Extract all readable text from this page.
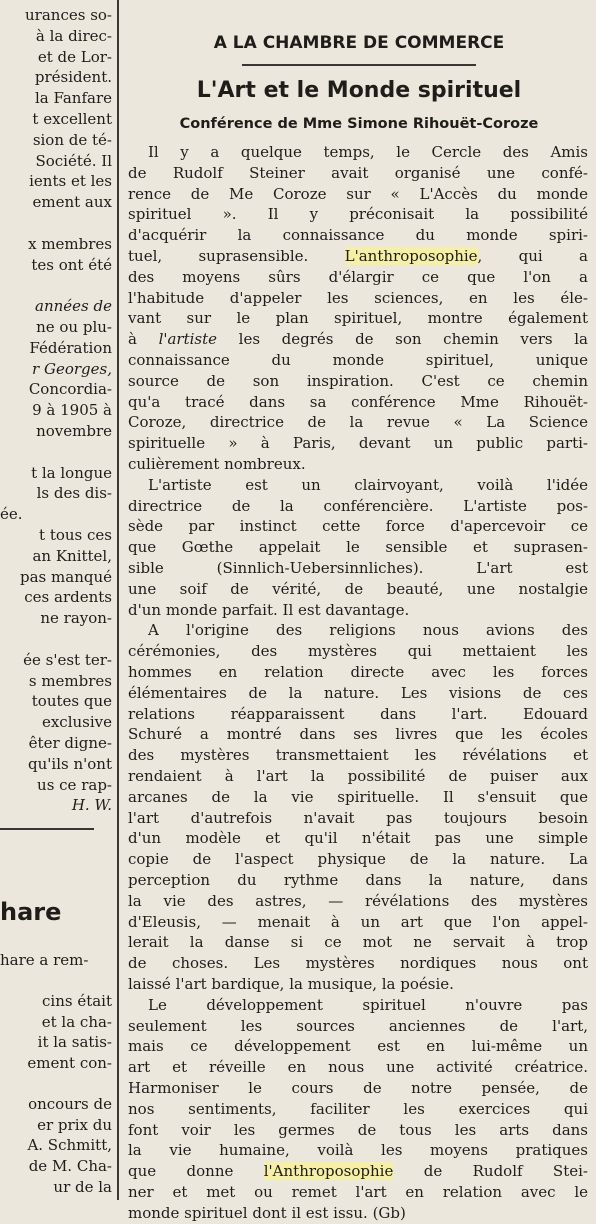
urances so-
à la direc-
et de Lor-
président.
la Fanfare
t excellent
sion de té-
Société. Il
ients et les
ement aux
x membres
tes ont été
années de
ne ou plu-
Fédération
r Georges,
Concordia-
9 à 1905 à
novembre
t la longue
ls des dis-
ée.
t tous ces
an Knittel,
pas manqué
ces ardents
ne rayon-
ée s'est ter-
s membres
toutes que
exclusive
êter digne-
qu'ils n'ont
us ce rap-
H. W.
hare
hare a rem-
cins était
et la cha-
it la satis-
ement con-
oncours de
er prix du
A. Schmitt,
de M. Cha-
ur de la
A LA CHAMBRE DE COMMERCE
L'Art et le Monde spirituel
Conférence de Mme Simone Rihouët-Coroze
Il y a quelque temps, le Cercle des Amis
de Rudolf Steiner avait organisé une confé-
rence de Me Coroze sur « L'Accès du monde
spirituel ». Il y préconisait la possibilité
d'acquérir la connaissance du monde spiri-
tuel, suprasensible. L'anthroposophie, qui a
des moyens sûrs d'élargir ce que l'on a
l'habitude d'appeler les sciences, en les éle-
vant sur le plan spirituel, montre également
à l'artiste les degrés de son chemin vers la
connaissance du monde spirituel, unique
source de son inspiration. C'est ce chemin
qu'a tracé dans sa conférence Mme Rihouët-
Coroze, directrice de la revue « La Science
spirituelle » à Paris, devant un public parti-
culièrement nombreux.
L'artiste est un clairvoyant, voilà l'idée
directrice de la conférencière. L'artiste pos-
sède par instinct cette force d'apercevoir ce
que Gœthe appelait le sensible et suprasen-
sible (Sinnlich-Uebersinnliches). L'art est
une soif de vérité, de beauté, une nostalgie
d'un monde parfait. Il est davantage.
A l'origine des religions nous avions des
cérémonies, des mystères qui mettaient les
hommes en relation directe avec les forces
élémentaires de la nature. Les visions de ces
relations réapparaissent dans l'art. Edouard
Schuré a montré dans ses livres que les écoles
des mystères transmettaient les révélations et
rendaient à l'art la possibilité de puiser aux
arcanes de la vie spirituelle. Il s'ensuit que
l'art d'autrefois n'avait pas toujours besoin
d'un modèle et qu'il n'était pas une simple
copie de l'aspect physique de la nature. La
perception du rythme dans la nature, dans
la vie des astres, — révélations des mystères
d'Eleusis, — menait à un art que l'on appel-
lerait la danse si ce mot ne servait à trop
de choses. Les mystères nordiques nous ont
laissé l'art bardique, la musique, la poésie.
Le développement spirituel n'ouvre pas
seulement les sources anciennes de l'art,
mais ce développement est en lui-même un
art et réveille en nous une activité créatrice.
Harmoniser le cours de notre pensée, de
nos sentiments, faciliter les exercices qui
font voir les germes de tous les arts dans
la vie humaine, voilà les moyens pratiques
que donne l'Anthroposophie de Rudolf Stei-
ner et met ou remet l'art en relation avec le
monde spirituel dont il est issu. (Gb)
